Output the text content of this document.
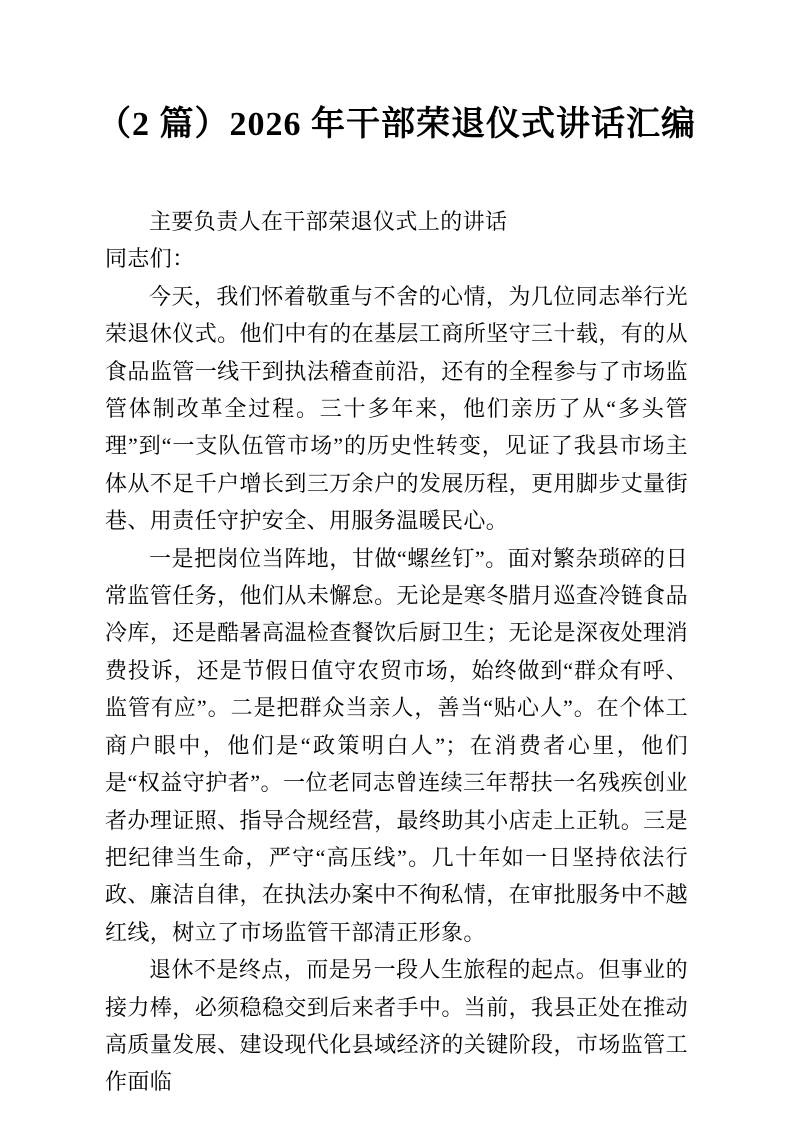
（2 篇）2026 年干部荣退仪式讲话汇编

主要负责人在干部荣退仪式上的讲话

同志们：

今天，我们怀着敬重与不舍的心情，为几位同志举行光荣退休仪式。他们中有的在基层工商所坚守三十载，有的从食品监管一线干到执法稽查前沿，还有的全程参与了市场监管体制改革全过程。三十多年来，他们亲历了从“多头管理”到“一支队伍管市场”的历史性转变，见证了我县市场主体从不足千户增长到三万余户的发展历程，更用脚步丈量街巷、用责任守护安全、用服务温暖民心。

一是把岗位当阵地，甘做“螺丝钉”。面对繁杂琐碎的日常监管任务，他们从未懈怠。无论是寒冬腊月巡查冷链食品冷库，还是酷暑高温检查餐饮后厨卫生；无论是深夜处理消费投诉，还是节假日值守农贸市场，始终做到“群众有呼、监管有应”。二是把群众当亲人，善当“贴心人”。在个体工商户眼中，他们是“政策明白人”；在消费者心里，他们是“权益守护者”。一位老同志曾连续三年帮扶一名残疾创业者办理证照、指导合规经营，最终助其小店走上正轨。三是把纪律当生命，严守“高压线”。几十年如一日坚持依法行政、廉洁自律，在执法办案中不徇私情，在审批服务中不越红线，树立了市场监管干部清正形象。

退休不是终点，而是另一段人生旅程的起点。但事业的接力棒，必须稳稳交到后来者手中。当前，我县正处在推动高质量发展、建设现代化县域经济的关键阶段，市场监管工作面临
